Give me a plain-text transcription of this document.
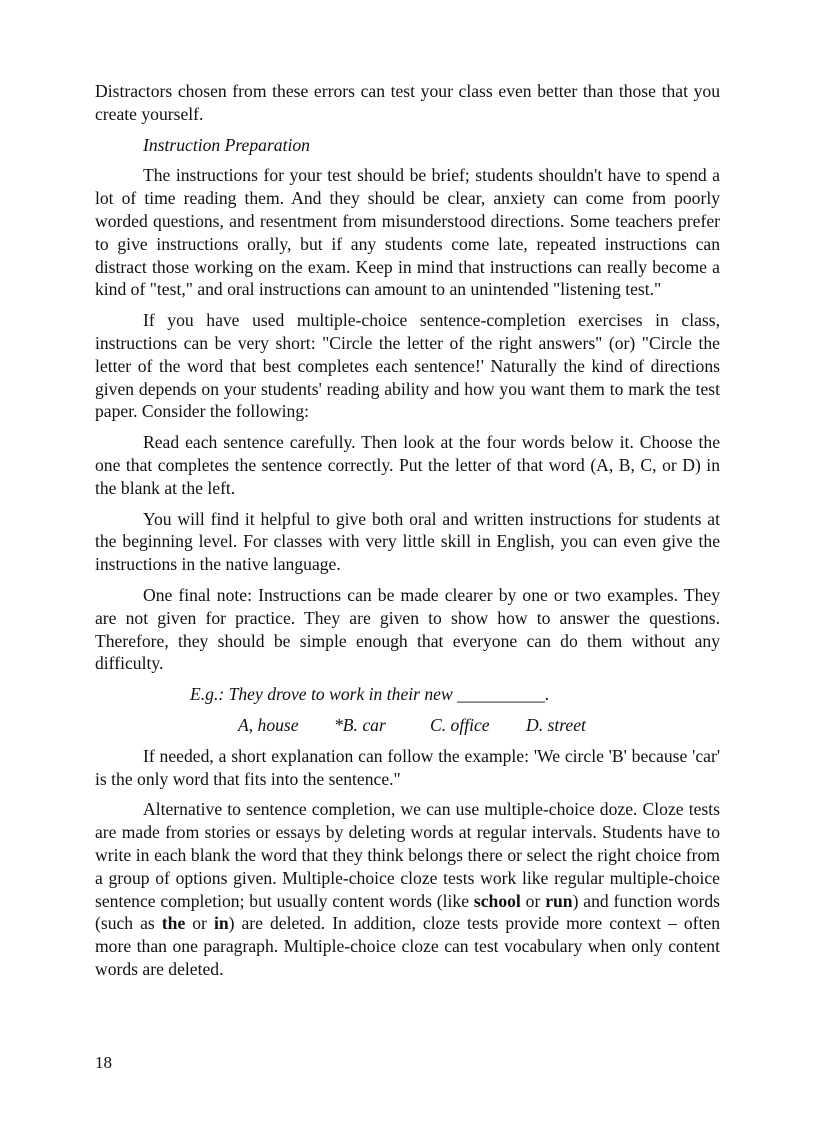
Distractors chosen from these errors can test your class even better than those that you create yourself.

Instruction Preparation

The instructions for your test should be brief; students shouldn't have to spend a lot of time reading them. And they should be clear, anxiety can come from poorly worded questions, and resentment from misunderstood directions. Some teachers prefer to give instructions orally, but if any students come late, repeated instructions can distract those working on the exam. Keep in mind that instructions can really become a kind of "test," and oral instructions can amount to an unintended "listening test."

If you have used multiple-choice sentence-completion exercises in class, instructions can be very short: "Circle the letter of the right answers" (or) "Circle the letter of the word that best completes each sentence!' Naturally the kind of directions given depends on your students' reading ability and how you want them to mark the test paper. Consider the following:

Read each sentence carefully. Then look at the four words below it. Choose the one that completes the sentence correctly. Put the letter of that word (A, B, C, or D) in the blank at the left.

You will find it helpful to give both oral and written instructions for students at the beginning level. For classes with very little skill in English, you can even give the instructions in the native language.

One final note: Instructions can be made clearer by one or two examples. They are not given for practice. They are given to show how to answer the questions. Therefore, they should be simple enough that everyone can do them without any difficulty.

E.g.: They drove to work in their new __________.

A, house *B. car	C. office D. street

If needed, a short explanation can follow the example: 'We circle 'B' because 'car' is the only word that fits into the sentence."

Alternative to sentence completion, we can use multiple-choice doze. Cloze tests are made from stories or essays by deleting words at regular intervals. Students have to write in each blank the word that they think belongs there or select the right choice from a group of options given. Multiple-choice cloze tests work like regular multiple-choice sentence completion; but usually content words (like school or run) and function words (such as the or in) are deleted. In addition, cloze tests provide more context – often more than one paragraph. Multiple-choice cloze can test vocabulary when only content words are deleted.

18
